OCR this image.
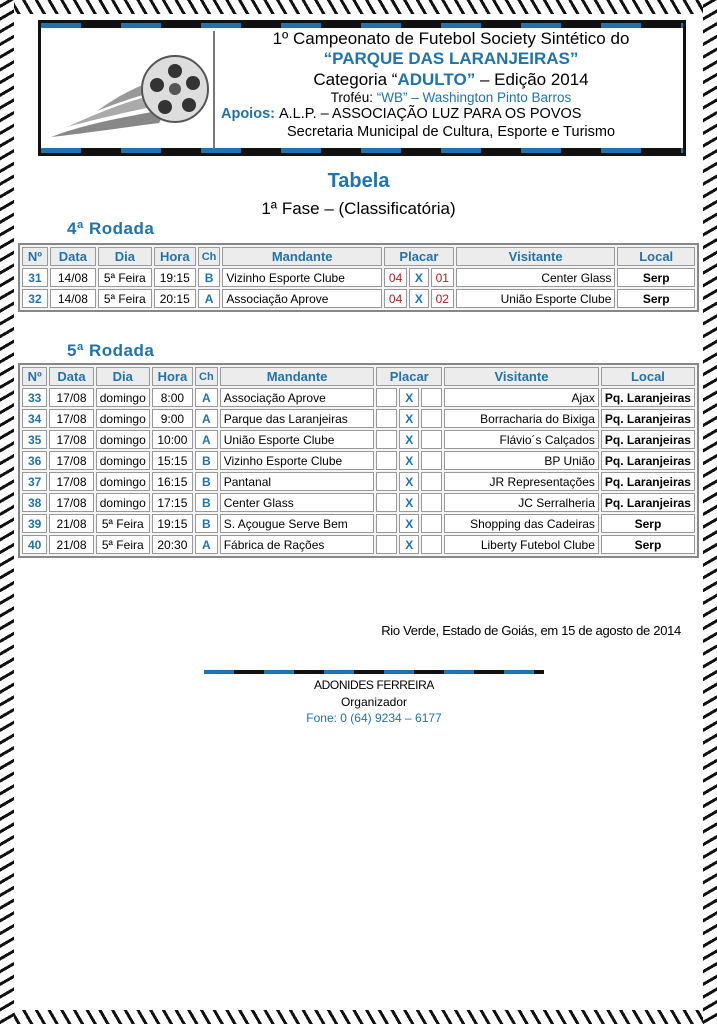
1º Campeonato de Futebol Society Sintético do
“PARQUE DAS LARANJEIRAS”
Categoria “ADULTO” – Edição 2014
Troféu: “WB” – Washington Pinto Barros
Apoios: A.L.P. – ASSOCIAÇÃO LUZ PARA OS POVOS
Secretaria Municipal de Cultura, Esporte e Turismo
Tabela
1ª Fase – (Classificatória)
4ª Rodada
Nº	Data	Dia	Hora	Ch	Mandante	Placar			Visitante	Local
31	14/08	5ª Feira	19:15	B	Vizinho Esporte Clube	04	X	01	Center Glass	Serp
32	14/08	5ª Feira	20:15	A	Associação Aprove	04	X	02	União Esporte Clube	Serp
5ª Rodada
Nº	Data	Dia	Hora	Ch	Mandante	Placar			Visitante	Local
33	17/08	domingo	8:00	A	Associação Aprove		X		Ajax	Pq. Laranjeiras
34	17/08	domingo	9:00	A	Parque das Laranjeiras		X		Borracharia do Bixiga	Pq. Laranjeiras
35	17/08	domingo	10:00	A	União Esporte Clube		X		Flávio´s Calçados	Pq. Laranjeiras
36	17/08	domingo	15:15	B	Vizinho Esporte Clube		X		BP União	Pq. Laranjeiras
37	17/08	domingo	16:15	B	Pantanal		X		JR Representações	Pq. Laranjeiras
38	17/08	domingo	17:15	B	Center Glass		X		JC Serralheria	Pq. Laranjeiras
39	21/08	5ª Feira	19:15	B	S. Açougue Serve Bem		X		Shopping das Cadeiras	Serp
40	21/08	5ª Feira	20:30	A	Fábrica de Rações		X		Liberty Futebol Clube	Serp
Rio Verde, Estado de Goiás, em 15 de agosto de 2014
ADONIDES FERREIRA
Organizador
Fone: 0 (64) 9234 – 6177
